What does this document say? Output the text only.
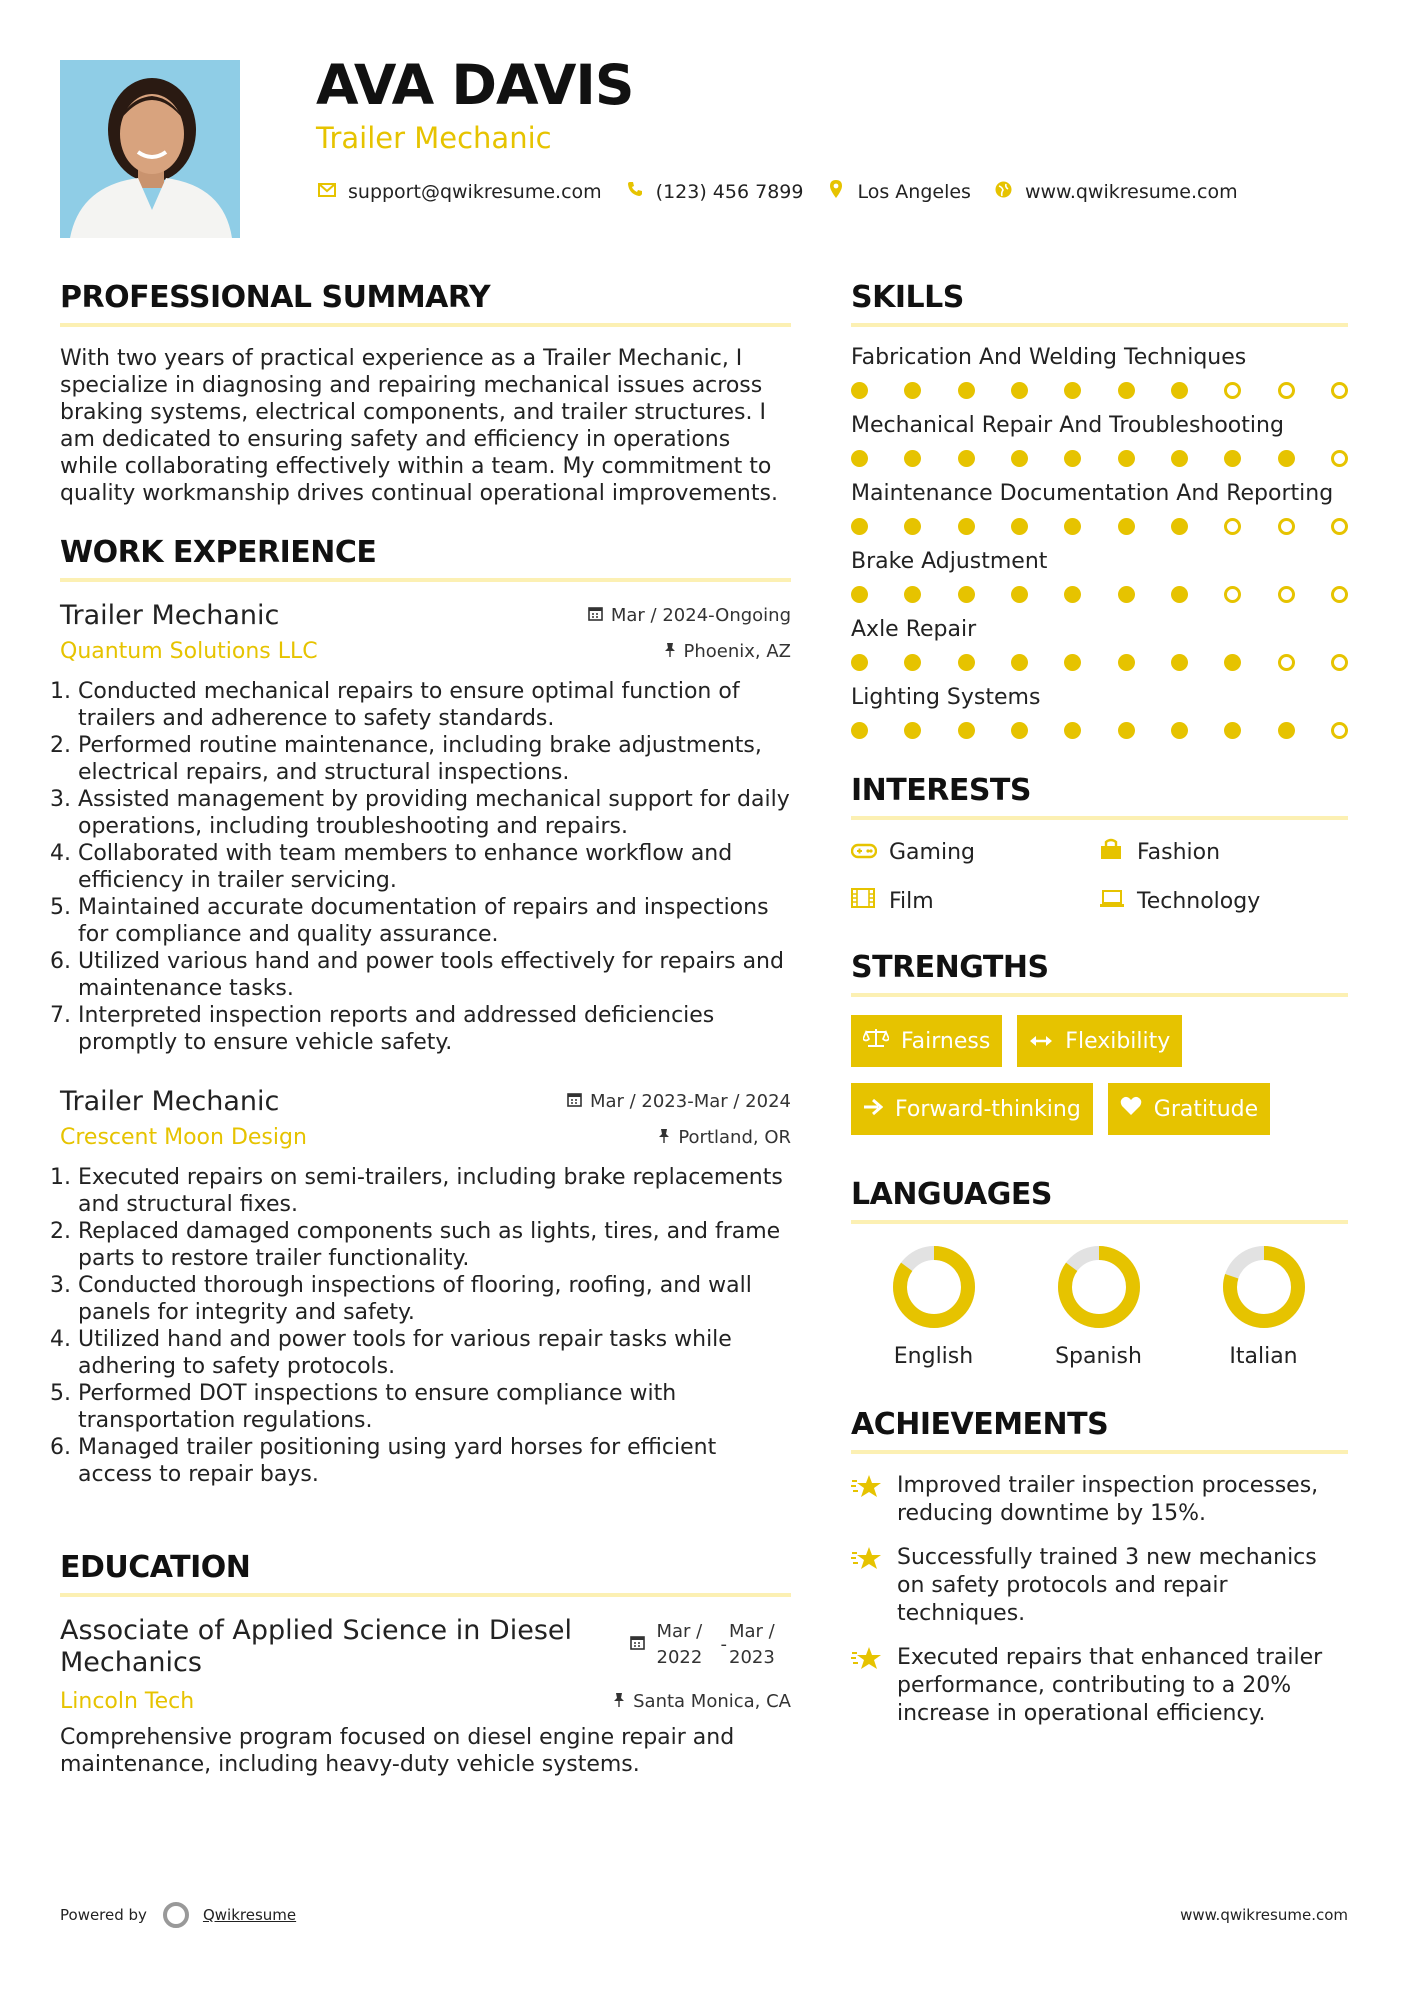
AVA DAVIS
Trailer Mechanic
support@qwikresume.com	(123) 456 7899	Los Angeles	www.qwikresume.com
PROFESSIONAL SUMMARY

With two years of practical experience as a Trailer Mechanic, I specialize in diagnosing and repairing mechanical issues across braking systems, electrical components, and trailer structures. I am dedicated to ensuring safety and efficiency in operations while collaborating effectively within a team. My commitment to quality workmanship drives continual operational improvements.

WORK EXPERIENCE
Trailer Mechanic	Mar / 2024-Ongoing
Quantum Solutions LLC	Phoenix, AZ
1. Conducted mechanical repairs to ensure optimal function of trailers and adherence to safety standards.
2. Performed routine maintenance, including brake adjustments, electrical repairs, and structural inspections.
3. Assisted management by providing mechanical support for daily operations, including troubleshooting and repairs.
4. Collaborated with team members to enhance workflow and efficiency in trailer servicing.
5. Maintained accurate documentation of repairs and inspections for compliance and quality assurance.
6. Utilized various hand and power tools effectively for repairs and maintenance tasks.
7. Interpreted inspection reports and addressed deficiencies promptly to ensure vehicle safety.
Trailer Mechanic	Mar / 2023-Mar / 2024
Crescent Moon Design	Portland, OR
1. Executed repairs on semi-trailers, including brake replacements and structural fixes.
2. Replaced damaged components such as lights, tires, and frame parts to restore trailer functionality.
3. Conducted thorough inspections of flooring, roofing, and wall panels for integrity and safety.
4. Utilized hand and power tools for various repair tasks while adhering to safety protocols.
5. Performed DOT inspections to ensure compliance with transportation regulations.
6. Managed trailer positioning using yard horses for efficient access to repair bays.
EDUCATION
Associate of Applied Science in Diesel Mechanics
Mar / 2022
-
Mar / 2023
Lincoln Tech	Santa Monica, CA
Comprehensive program focused on diesel engine repair and maintenance, including heavy-duty vehicle systems.
SKILLS
Fabrication And Welding Techniques
Mechanical Repair And Troubleshooting
Maintenance Documentation And Reporting
Brake Adjustment
Axle Repair
Lighting Systems
INTERESTS
Gaming	Fashion
Film	Technology
STRENGTHS
Fairness	Flexibility
Forward-thinking	Gratitude
LANGUAGES
English	Spanish	Italian
ACHIEVEMENTS
Improved trailer inspection processes, reducing downtime by 15%.
Successfully trained 3 new mechanics on safety protocols and repair techniques.
Executed repairs that enhanced trailer performance, contributing to a 20% increase in operational efficiency.
Powered by	Qwikresume	www.qwikresume.com
